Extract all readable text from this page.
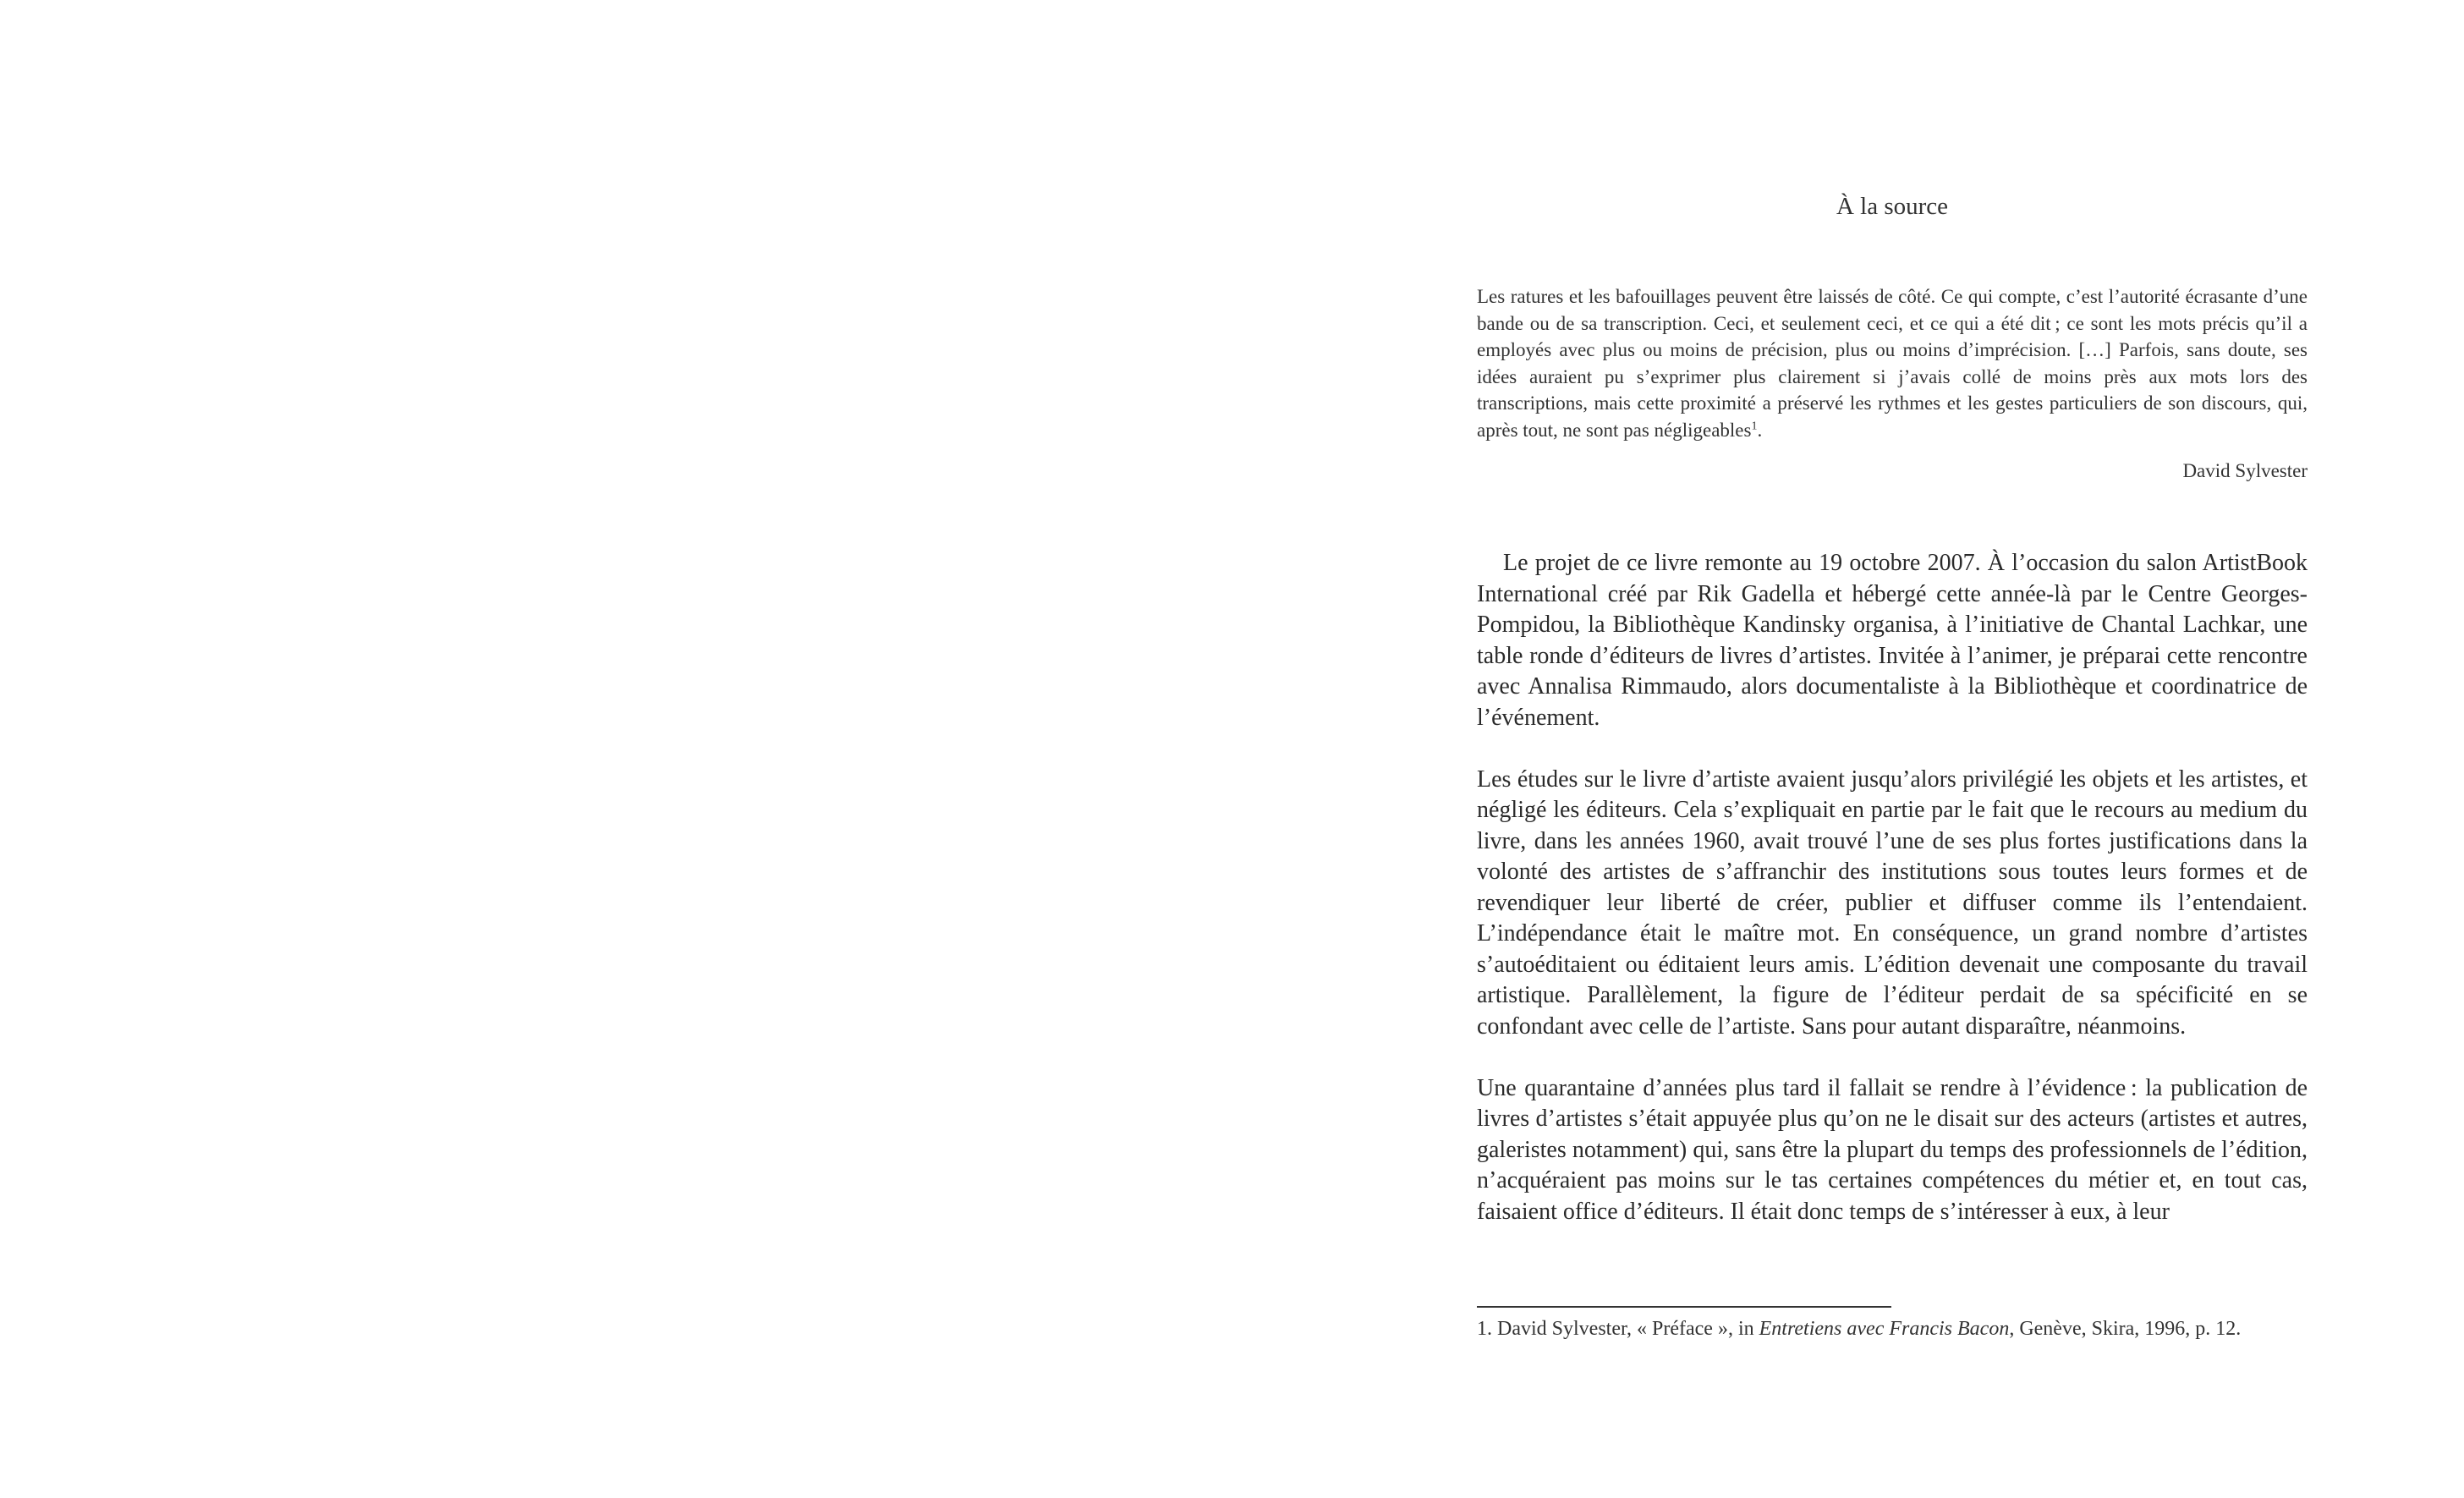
À la source
Les ratures et les bafouillages peuvent être laissés de côté. Ce qui compte, c’est l’autorité écrasante d’une bande ou de sa transcription. Ceci, et seulement ceci, et ce qui a été dit ; ce sont les mots précis qu’il a employés avec plus ou moins de précision, plus ou moins d’imprécision. […] Parfois, sans doute, ses idées auraient pu s’exprimer plus clairement si j’avais collé de moins près aux mots lors des transcriptions, mais cette proximité a préservé les rythmes et les gestes particuliers de son discours, qui, après tout, ne sont pas négligeables$^1$.
David Sylvester

Le projet de ce livre remonte au 19 octobre 2007. À l’occasion du salon ArtistBook International créé par Rik Gadella et hébergé cette année-là par le Centre Georges-Pompidou, la Bibliothèque Kandinsky organisa, à l’initiative de Chantal Lachkar, une table ronde d’éditeurs de livres d’artistes. Invitée à l’animer, je préparai cette rencontre avec Annalisa Rimmaudo, alors documentaliste à la Bibliothèque et coordinatrice de l’événement.

Les études sur le livre d’artiste avaient jusqu’alors privilégié les objets et les artistes, et négligé les éditeurs. Cela s’expliquait en partie par le fait que le recours au medium du livre, dans les années 1960, avait trouvé l’une de ses plus fortes justifications dans la volonté des artistes de s’affranchir des institutions sous toutes leurs formes et de revendiquer leur liberté de créer, publier et diffuser comme ils l’entendaient. L’indépendance était le maître mot. En conséquence, un grand nombre d’artistes s’autoéditaient ou éditaient leurs amis. L’édition devenait une composante du travail artistique. Parallèlement, la figure de l’éditeur perdait de sa spécificité en se confondant avec celle de l’artiste. Sans pour autant disparaître, néanmoins.

Une quarantaine d’années plus tard il fallait se rendre à l’évidence : la publication de livres d’artistes s’était appuyée plus qu’on ne le disait sur des acteurs (artistes et autres, galeristes notamment) qui, sans être la plupart du temps des professionnels de l’édition, n’acquéraient pas moins sur le tas certaines compétences du métier et, en tout cas, faisaient office d’éditeurs. Il était donc temps de s’intéresser à eux, à leur

1. David Sylvester, « Préface », in Entretiens avec Francis Bacon, Genève, Skira, 1996, p. 12.
